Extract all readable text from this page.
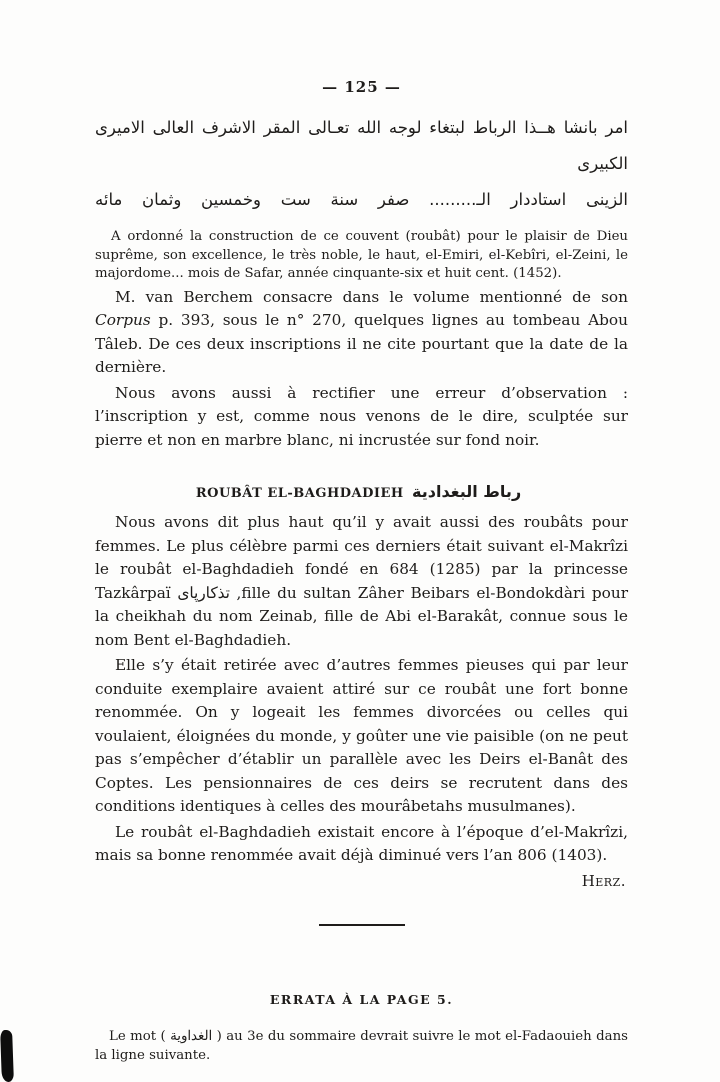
— 125 —
امر بانشا هــذا الرباط لبتغاء لوجه الله تعـالى المقر الاشرف العالى الاميرى الكبيرى
الزينى استاددار الـ......... صفر سنة ست وخمسين وثمان مائه

A ordonné la construction de ce couvent (roubât) pour le plaisir de Dieu suprême, son excellence, le très noble, le haut, el-Emiri, el-Kebîri, el-Zeini, le majordome... mois de Safar, année cinquante-six et huit cent. (1452).

M. van Berchem consacre dans le volume mentionné de son Corpus p. 393, sous le n° 270, quelques lignes au tombeau Abou Tâleb. De ces deux inscriptions il ne cite pourtant que la date de la dernière.

Nous avons aussi à rectifier une erreur d’observation : l’inscription y est, comme nous venons de le dire, sculptée sur pierre et non en marbre blanc, ni incrustée sur fond noir.

ROUBÂT EL-BAGHDADIEH رباط البغدادية

Nous avons dit plus haut qu’il y avait aussi des roubâts pour femmes. Le plus célèbre parmi ces derniers était suivant el-Makrîzi le roubât el-Baghdadieh fondé en 684 (1285) par la princesse Tazkârpaï تذكارپاى ,fille du sultan Zâher Beibars el-Bondokdàri pour la cheikhah du nom Zeinab, fille de Abi el-Barakât, connue sous le nom Bent el-Baghdadieh.

Elle s’y était retirée avec d’autres femmes pieuses qui par leur conduite exemplaire avaient attiré sur ce roubât une fort bonne renommée. On y logeait les femmes divorcées ou celles qui voulaient, éloignées du monde, y goûter une vie paisible (on ne peut pas s’empêcher d’établir un parallèle avec les Deirs el-Banât des Coptes. Les pensionnaires de ces deirs se recrutent dans des conditions identiques à celles des mourâbetahs musulmanes).

Le roubât el-Baghdadieh existait encore à l’époque d’el-Makrîzi, mais sa bonne renommée avait déjà diminué vers l’an 806 (1403).

Herz.
ERRATA À LA PAGE 5.

Le mot ( الغداوية ) au 3e du sommaire devrait suivre le mot el-Fadaouieh dans la ligne suivante.
